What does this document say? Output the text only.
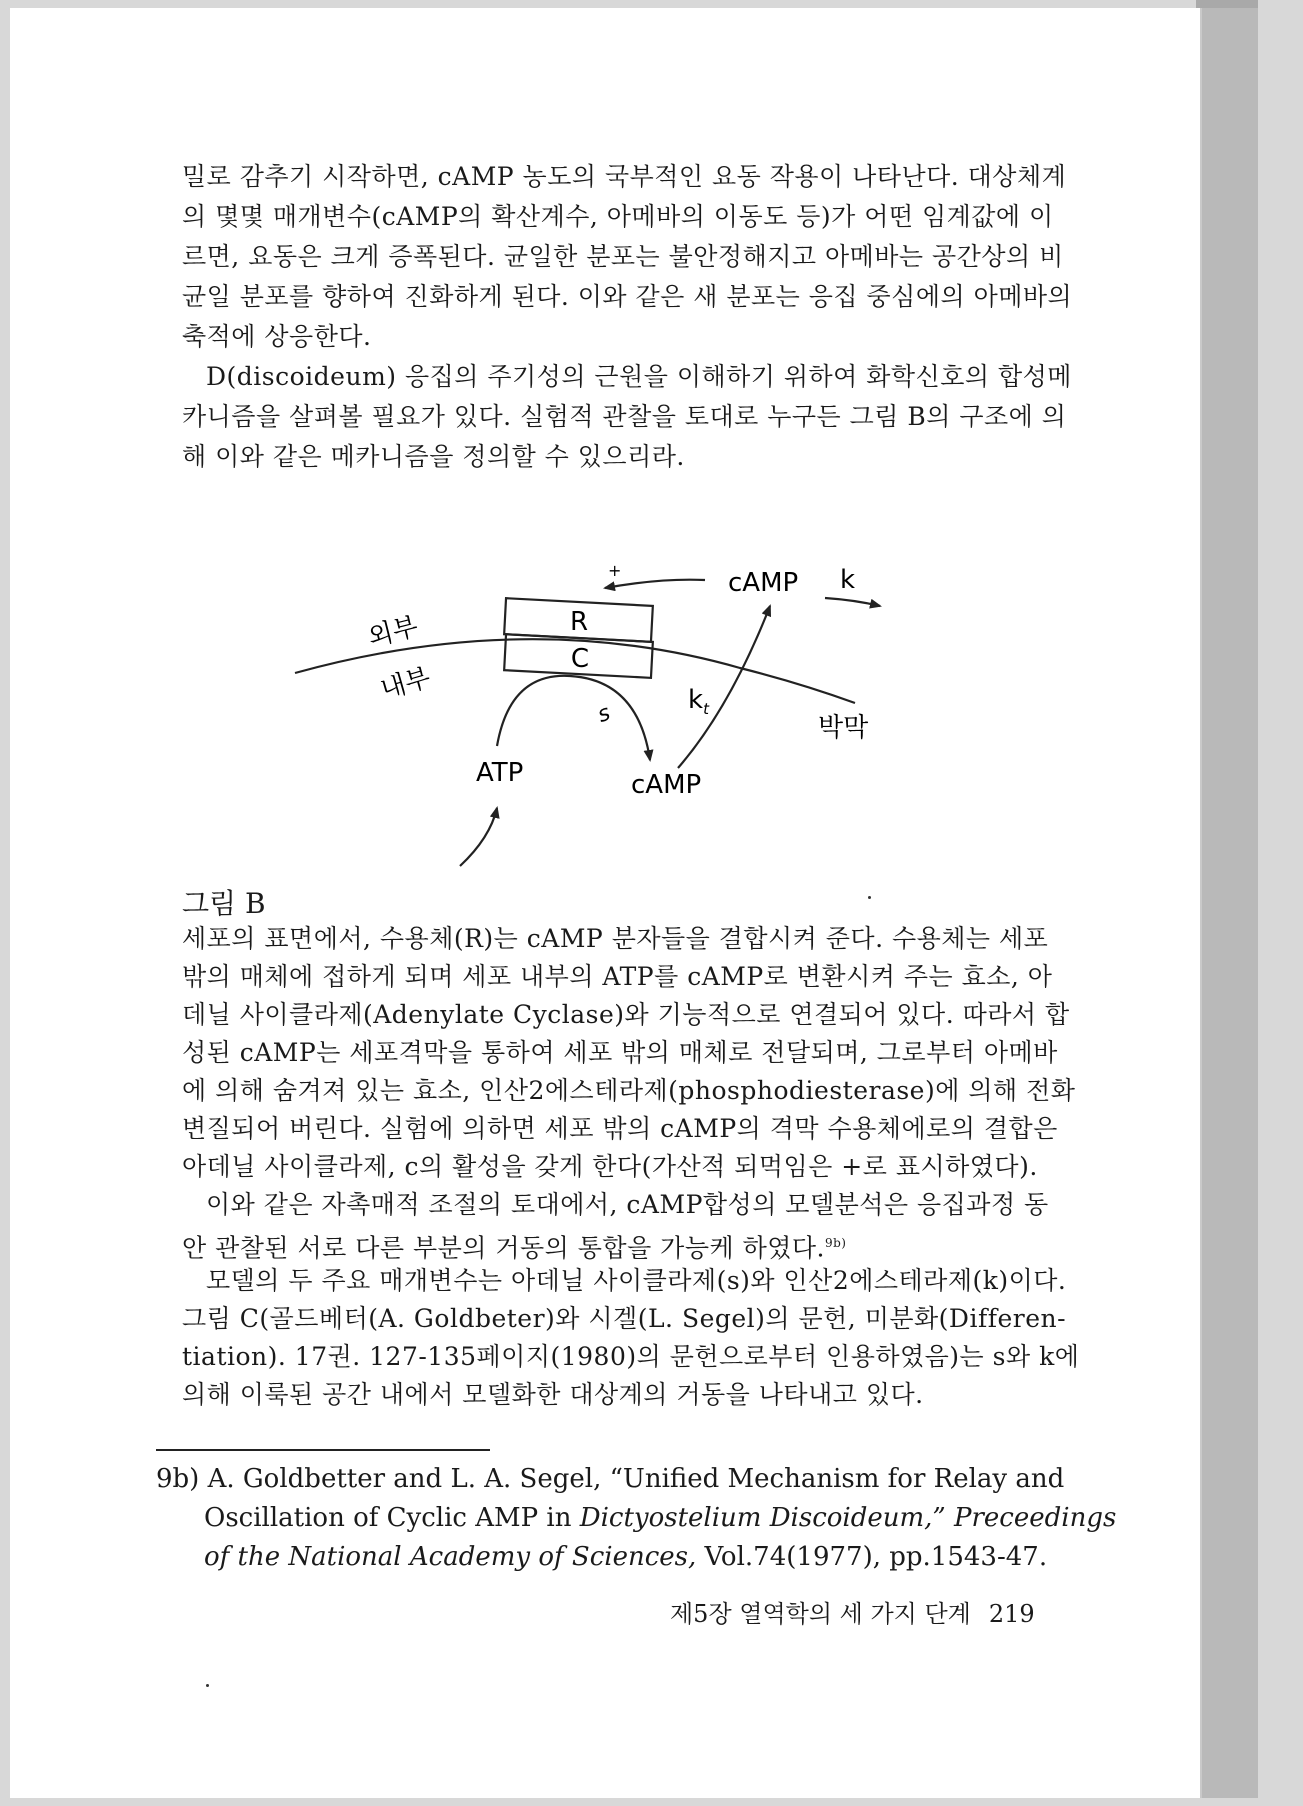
밀로 감추기 시작하면, cAMP 농도의 국부적인 요동 작용이 나타난다. 대상체계
의 몇몇 매개변수(cAMP의 확산계수, 아메바의 이동도 등)가 어떤 임계값에 이
르면, 요동은 크게 증폭된다. 균일한 분포는 불안정해지고 아메바는 공간상의 비
균일 분포를 향하여 진화하게 된다. 이와 같은 새 분포는 응집 중심에의 아메바의
축적에 상응한다.
D(discoideum) 응집의 주기성의 근원을 이해하기 위하여 화학신호의 합성메
카니즘을 살펴볼 필요가 있다. 실험적 관찰을 토대로 누구든 그림 B의 구조에 의
해 이와 같은 메카니즘을 정의할 수 있으리라.
R
C
+	cAMP k
외부
내부
s	$k_t$
박막
ATP	cAMP
그림 B
세포의 표면에서, 수용체(R)는 cAMP 분자들을 결합시켜 준다. 수용체는 세포
밖의 매체에 접하게 되며 세포 내부의 ATP를 cAMP로 변환시켜 주는 효소, 아
데닐 사이클라제(Adenylate Cyclase)와 기능적으로 연결되어 있다. 따라서 합
성된 cAMP는 세포격막을 통하여 세포 밖의 매체로 전달되며, 그로부터 아메바
에 의해 숨겨져 있는 효소, 인산2에스테라제(phosphodiesterase)에 의해 전화
변질되어 버린다. 실험에 의하면 세포 밖의 cAMP의 격막 수용체에로의 결합은
아데닐 사이클라제, c의 활성을 갖게 한다(가산적 되먹임은 +로 표시하였다).
이와 같은 자촉매적 조절의 토대에서, cAMP합성의 모델분석은 응집과정 동
안 관찰된 서로 다른 부분의 거동의 통합을 가능케 하였다.$^{9b)}$
모델의 두 주요 매개변수는 아데닐 사이클라제(s)와 인산2에스테라제(k)이다.
그림 C(골드베터(A. Goldbeter)와 시겔(L. Segel)의 문헌, 미분화(Differen-
tiation). 17권. 127-135페이지(1980)의 문헌으로부터 인용하였음)는 s와 k에
의해 이룩된 공간 내에서 모델화한 대상계의 거동을 나타내고 있다.
9b) A. Goldbetter and L. A. Segel, “Unified Mechanism for Relay and
Oscillation of Cyclic AMP in Dictyostelium Discoideum,” Preceedings
of the National Academy of Sciences, Vol.74(1977), pp.1543-47.
제5장 열역학의 세 가지 단계 219
